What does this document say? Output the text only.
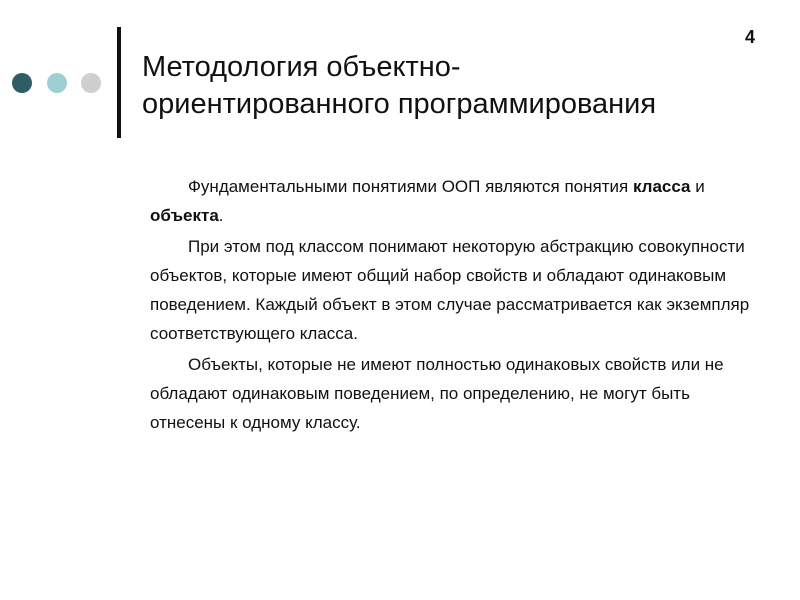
4
Методология объектно-
ориентированного программирования

Фундаментальными понятиями ООП являются понятия класса и объекта.

При этом под классом понимают некоторую абстракцию совокупности объектов, которые имеют общий набор свойств и обладают одинаковым поведением. Каждый объект в этом случае рассматривается как экземпляр соответствующего класса.

Объекты, которые не имеют полностью одинаковых свойств или не обладают одинаковым поведением, по определению, не могут быть отнесены к одному классу.
